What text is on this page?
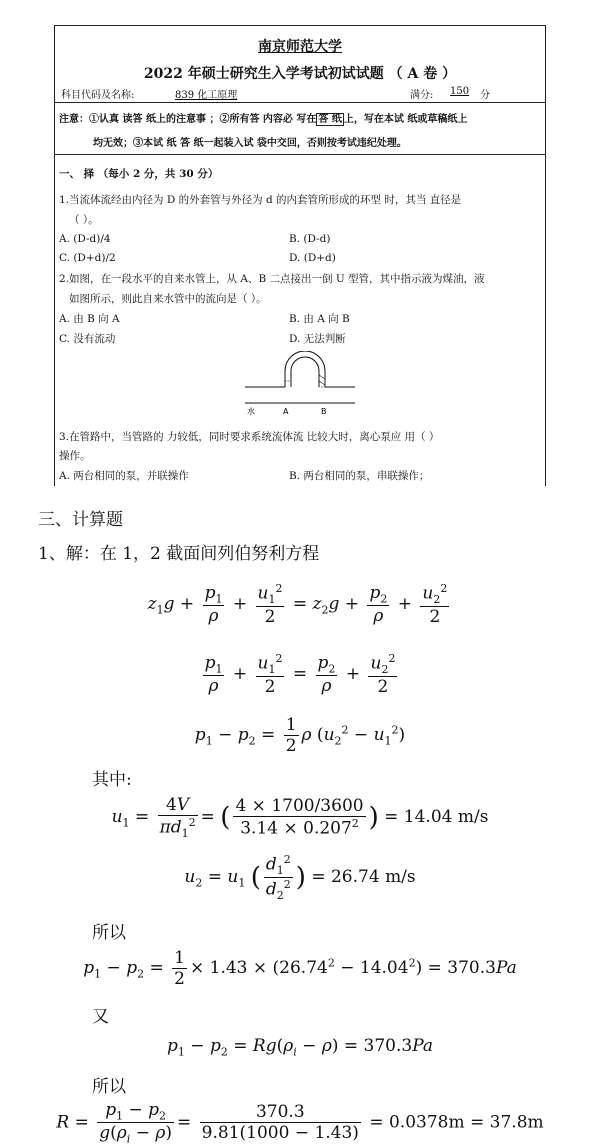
南京师范大学
2022 年硕士研究生入学考试初试试题 （ A 卷 ）
科目代码及名称:	839 化工原理	满分: 150 分
注意：①认真 读答 纸上的注意事 ；②所有答 内容必 写在 答 纸 上，写在本试 纸或草稿纸上
均无效；③本试 纸 答 纸一起装入试 袋中交回，否则按考试违纪处理。
一、 择 （每小 2 分，共 30 分）
1.当流体流经由内径为 D 的外套管与外径为 d 的内套管所形成的环型 时，其当 直径是
（ ）。
A. (D-d)/4	B. (D-d)
C. (D+d)/2	D. (D+d)
2.如图，在一段水平的自来水管上，从 A、B 二点接出一倒 U 型管，其中指示液为煤油，液
如图所示，则此自来水管中的流向是（ ）。
A. 由 B 向 A	B. 由 A 向 B
C. 没有流动	D. 无法判断
水	A	B
3.在管路中，当管路的 力较低，同时要求系统流体流 比较大时，离心泵应 用（ ）
操作。
A. 两台相同的泵，并联操作	B. 两台相同的泵，串联操作；
三、计算题
1、解：在 1，2 截面间列伯努利方程
$z_1g + \frac{p_1}{\rho} + \frac{u_1^2}{2} = z_2g + \frac{p_2}{\rho} + \frac{u_2^2}{2}$
$\frac{p_1}{\rho} + \frac{u_1^2}{2} = \frac{p_2}{\rho} + \frac{u_2^2}{2}$
$p_1 - p_2 = \frac{1}{2}$ ρ $(u_2^2 - u_1^2)$
其中:
$u_1 = \frac{4V}{\pi d_1^2}$ = ( $\frac{4 \times 1700/3600}{3.14 \times 0.207^2}$ ) = 14.04 m/s
$u_2 = u_1$ ( $\frac{d_1^2}{d_2^2}$ ) = 26.74 m/s
所以
$p_1 - p_2 = \frac{1}{2} \times 1.43 \times (26.74^2 - 14.04^2) = 370.3Pa$
又
$p_1 - p_2 = Rg(\rho_i - \rho) = 370.3Pa$
所以
$R = \frac{p_1 - p_2}{g(\rho_i - \rho)} = \frac{370.3}{9.81(1000 - 1.43)} = 0.0378m = 37.8m$
